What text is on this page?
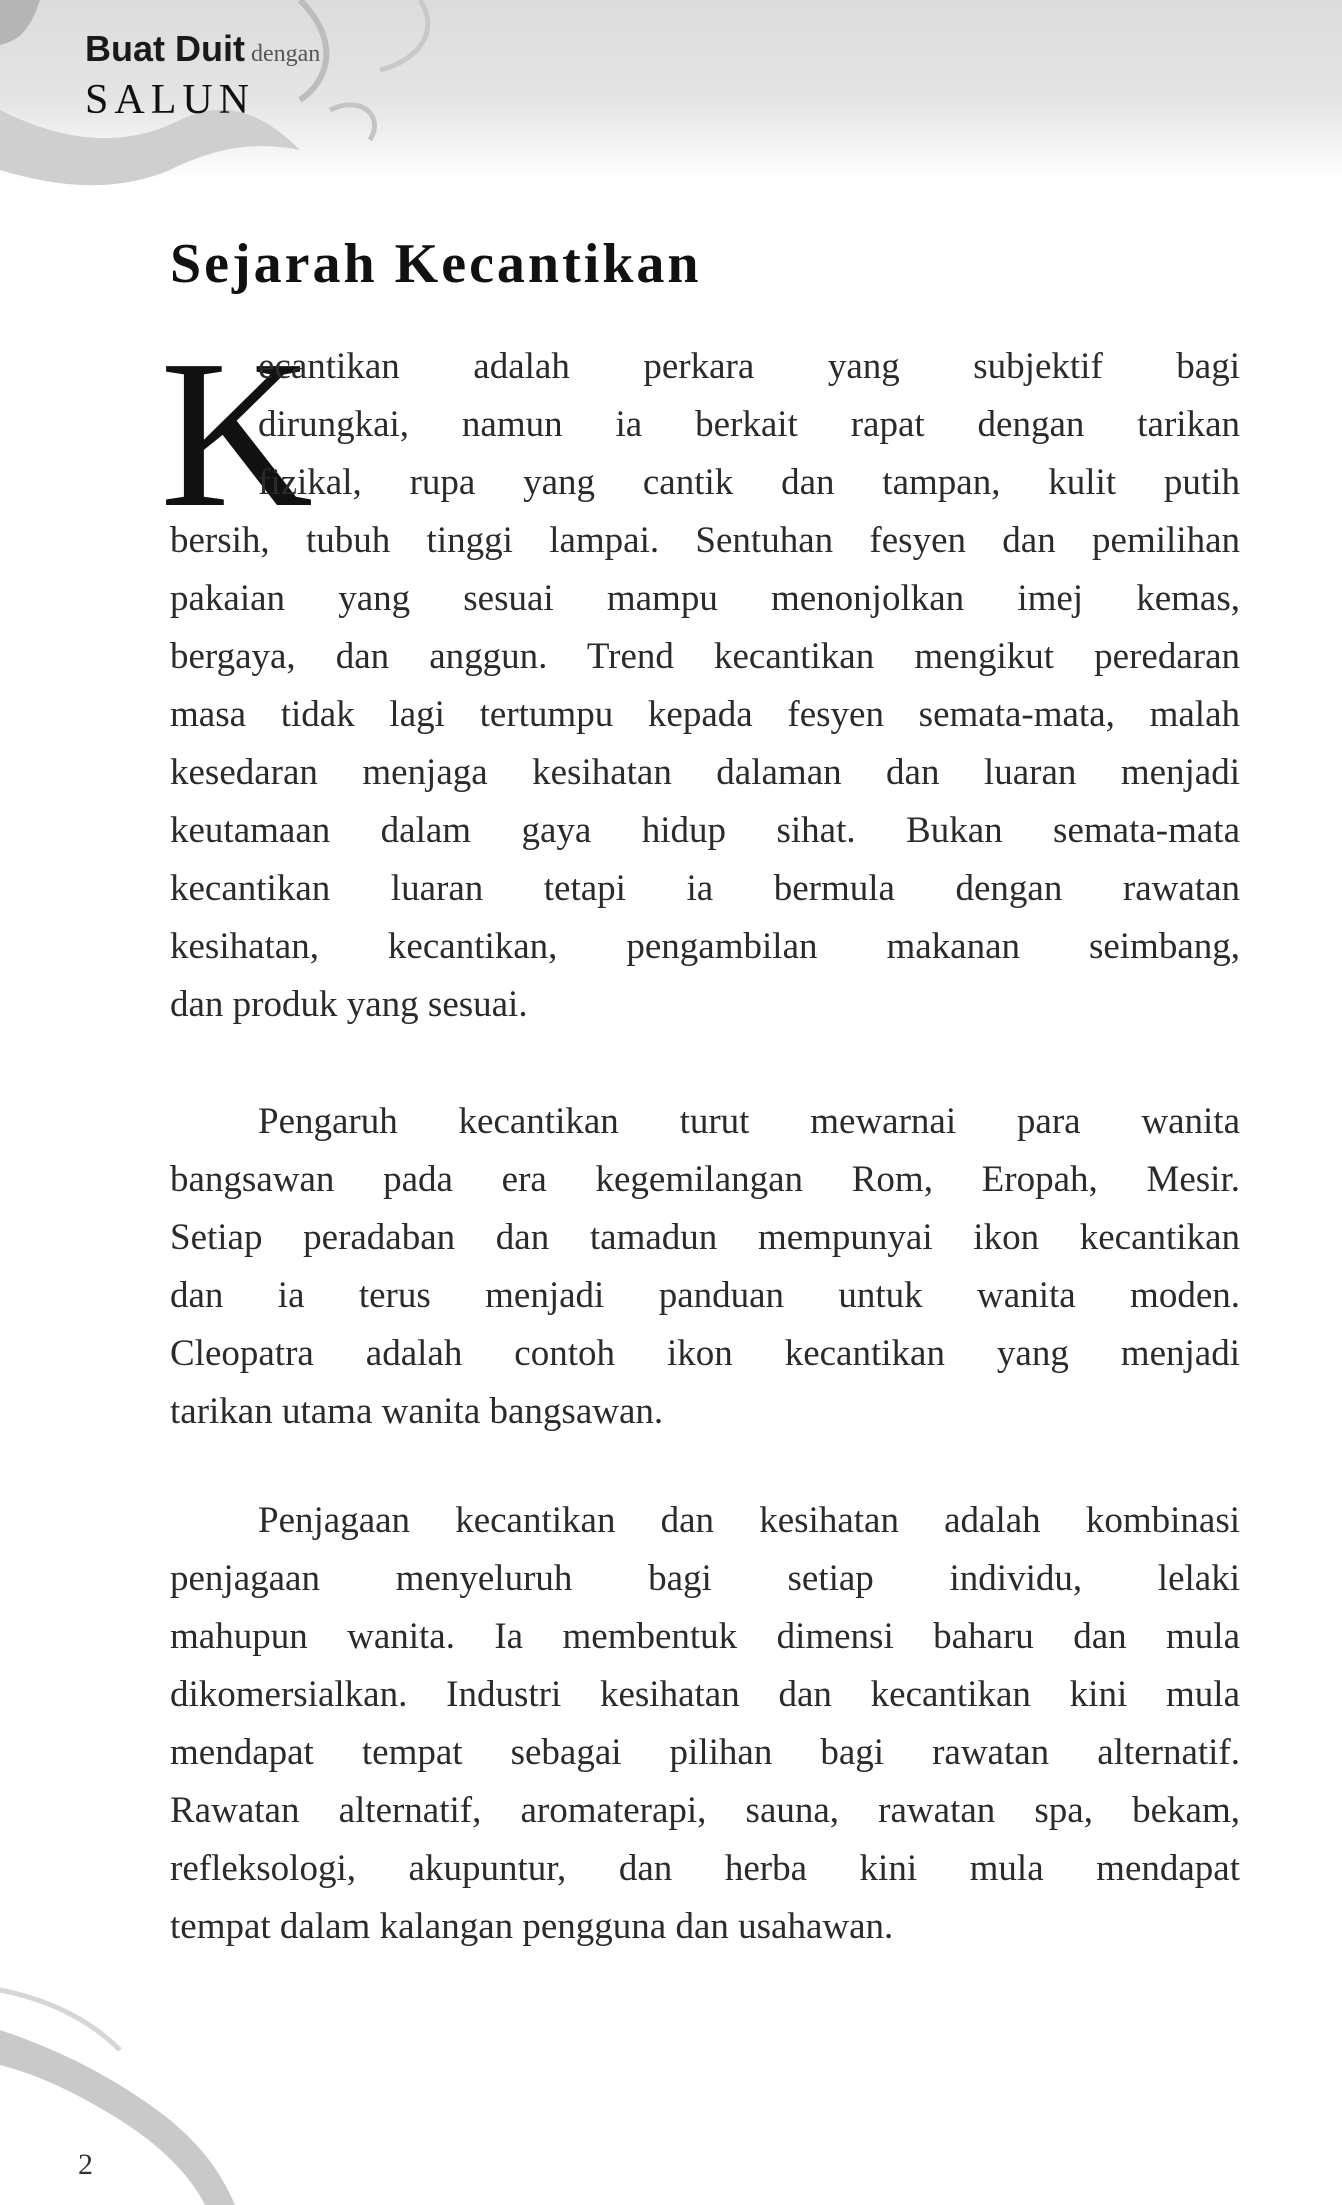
Buat Duit dengan
SALUN
Sejarah Kecantikan
K
ecantikan adalah perkara yang subjektif bagi
dirungkai, namun ia berkait rapat dengan tarikan
fizikal, rupa yang cantik dan tampan, kulit putih
bersih, tubuh tinggi lampai. Sentuhan fesyen dan pemilihan
pakaian yang sesuai mampu menonjolkan imej kemas,
bergaya, dan anggun. Trend kecantikan mengikut peredaran
masa tidak lagi tertumpu kepada fesyen semata-mata, malah
kesedaran menjaga kesihatan dalaman dan luaran menjadi
keutamaan dalam gaya hidup sihat. Bukan semata-mata
kecantikan luaran tetapi ia bermula dengan rawatan
kesihatan, kecantikan, pengambilan makanan seimbang,
dan produk yang sesuai.
Pengaruh kecantikan turut mewarnai para wanita
bangsawan pada era kegemilangan Rom, Eropah, Mesir.
Setiap peradaban dan tamadun mempunyai ikon kecantikan
dan ia terus menjadi panduan untuk wanita moden.
Cleopatra adalah contoh ikon kecantikan yang menjadi
tarikan utama wanita bangsawan.
Penjagaan kecantikan dan kesihatan adalah kombinasi
penjagaan menyeluruh bagi setiap individu, lelaki
mahupun wanita. Ia membentuk dimensi baharu dan mula
dikomersialkan. Industri kesihatan dan kecantikan kini mula
mendapat tempat sebagai pilihan bagi rawatan alternatif.
Rawatan alternatif, aromaterapi, sauna, rawatan spa, bekam,
refleksologi, akupuntur, dan herba kini mula mendapat
tempat dalam kalangan pengguna dan usahawan.
2
